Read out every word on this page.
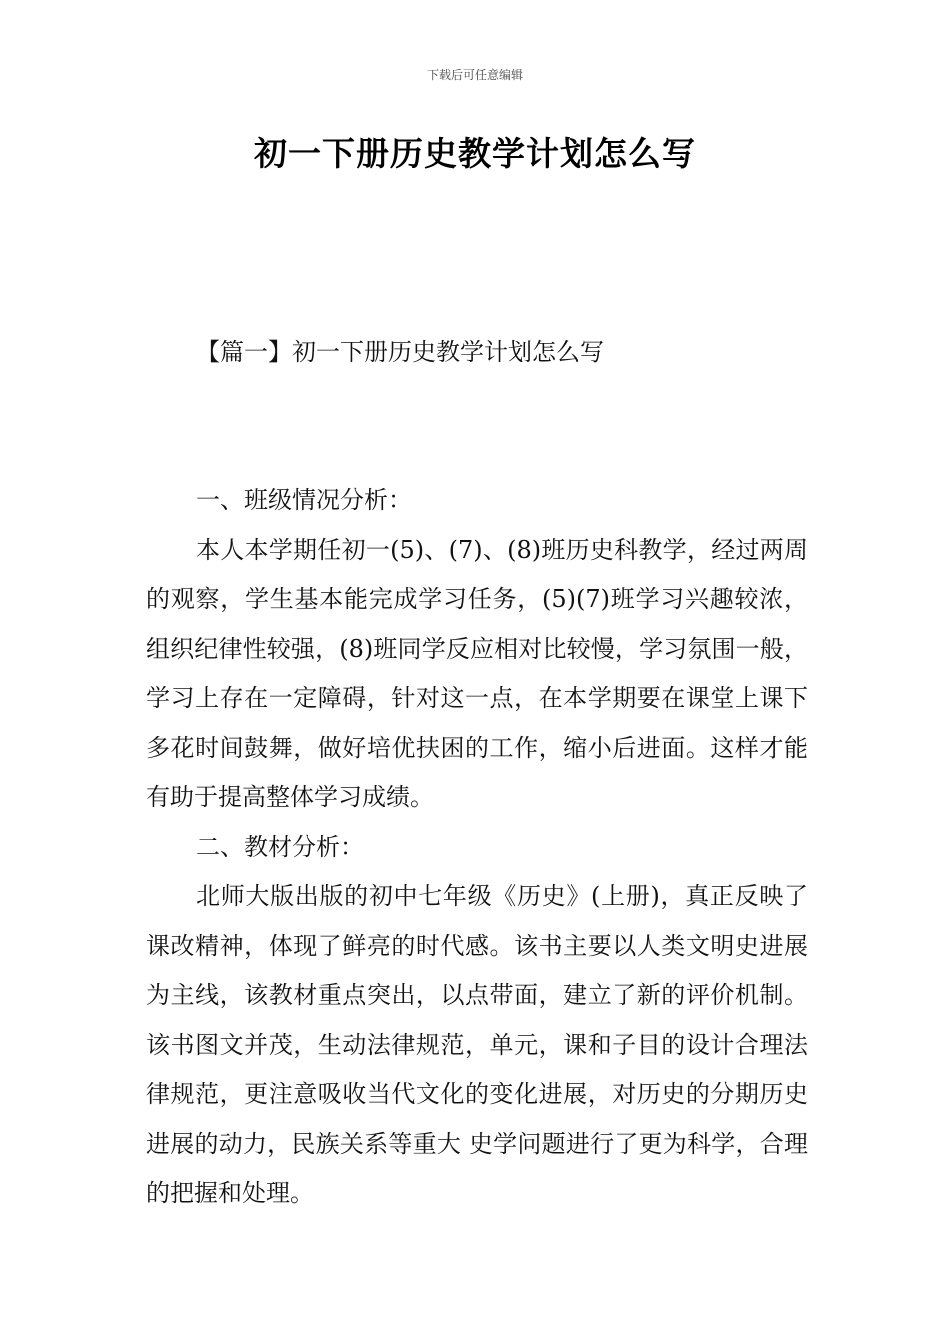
下载后可任意编辑
初一下册历史教学计划怎么写
【篇一】初一下册历史教学计划怎么写

一、班级情况分析：

本人本学期任初一(5)、(7)、(8)班历史科教学，经过两周的观察，学生基本能完成学习任务，(5)(7)班学习兴趣较浓，组织纪律性较强，(8)班同学反应相对比较慢，学习氛围一般，学习上存在一定障碍，针对这一点，在本学期要在课堂上课下多花时间鼓舞，做好培优扶困的工作，缩小后进面。这样才能有助于提高整体学习成绩。

二、教材分析：

北师大版出版的初中七年级《历史》(上册)，真正反映了课改精神，体现了鲜亮的时代感。该书主要以人类文明史进展为主线，该教材重点突出，以点带面，建立了新的评价机制。该书图文并茂，生动法律规范，单元，课和子目的设计合理法律规范，更注意吸收当代文化的变化进展，对历史的分期历史进展的动力，民族关系等重大 史学问题进行了更为科学，合理的把握和处理。
